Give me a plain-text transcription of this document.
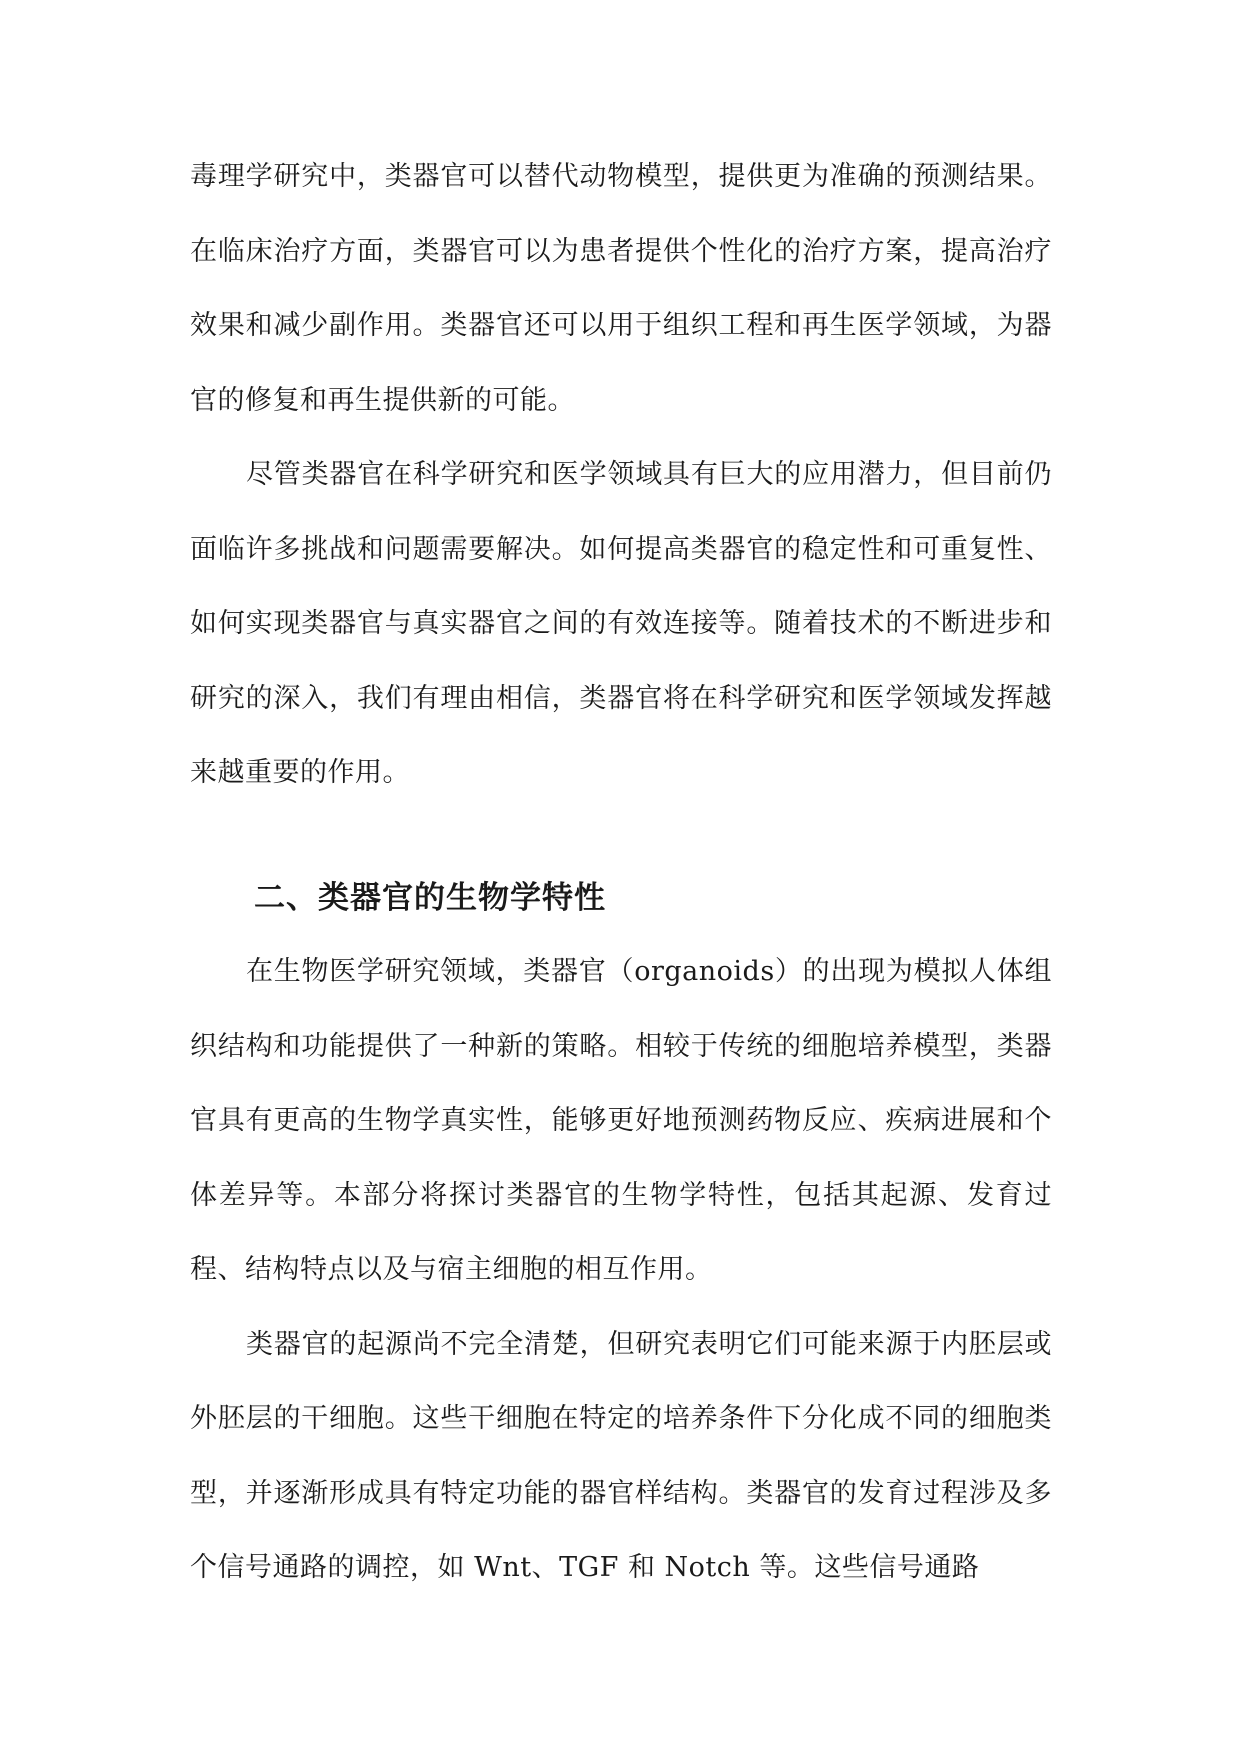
毒理学研究中，类器官可以替代动物模型，提供更为准确的预测结果。在临床治疗方面，类器官可以为患者提供个性化的治疗方案，提高治疗效果和减少副作用。类器官还可以用于组织工程和再生医学领域，为器官的修复和再生提供新的可能。

尽管类器官在科学研究和医学领域具有巨大的应用潜力，但目前仍面临许多挑战和问题需要解决。如何提高类器官的稳定性和可重复性、如何实现类器官与真实器官之间的有效连接等。随着技术的不断进步和研究的深入，我们有理由相信，类器官将在科学研究和医学领域发挥越来越重要的作用。

二、类器官的生物学特性

在生物医学研究领域，类器官（organoids）的出现为模拟人体组织结构和功能提供了一种新的策略。相较于传统的细胞培养模型，类器官具有更高的生物学真实性，能够更好地预测药物反应、疾病进展和个体差异等。本部分将探讨类器官的生物学特性，包括其起源、发育过程、结构特点以及与宿主细胞的相互作用。

类器官的起源尚不完全清楚，但研究表明它们可能来源于内胚层或外胚层的干细胞。这些干细胞在特定的培养条件下分化成不同的细胞类型，并逐渐形成具有特定功能的器官样结构。类器官的发育过程涉及多个信号通路的调控，如 Wnt、TGF 和 Notch 等。这些信号通路
